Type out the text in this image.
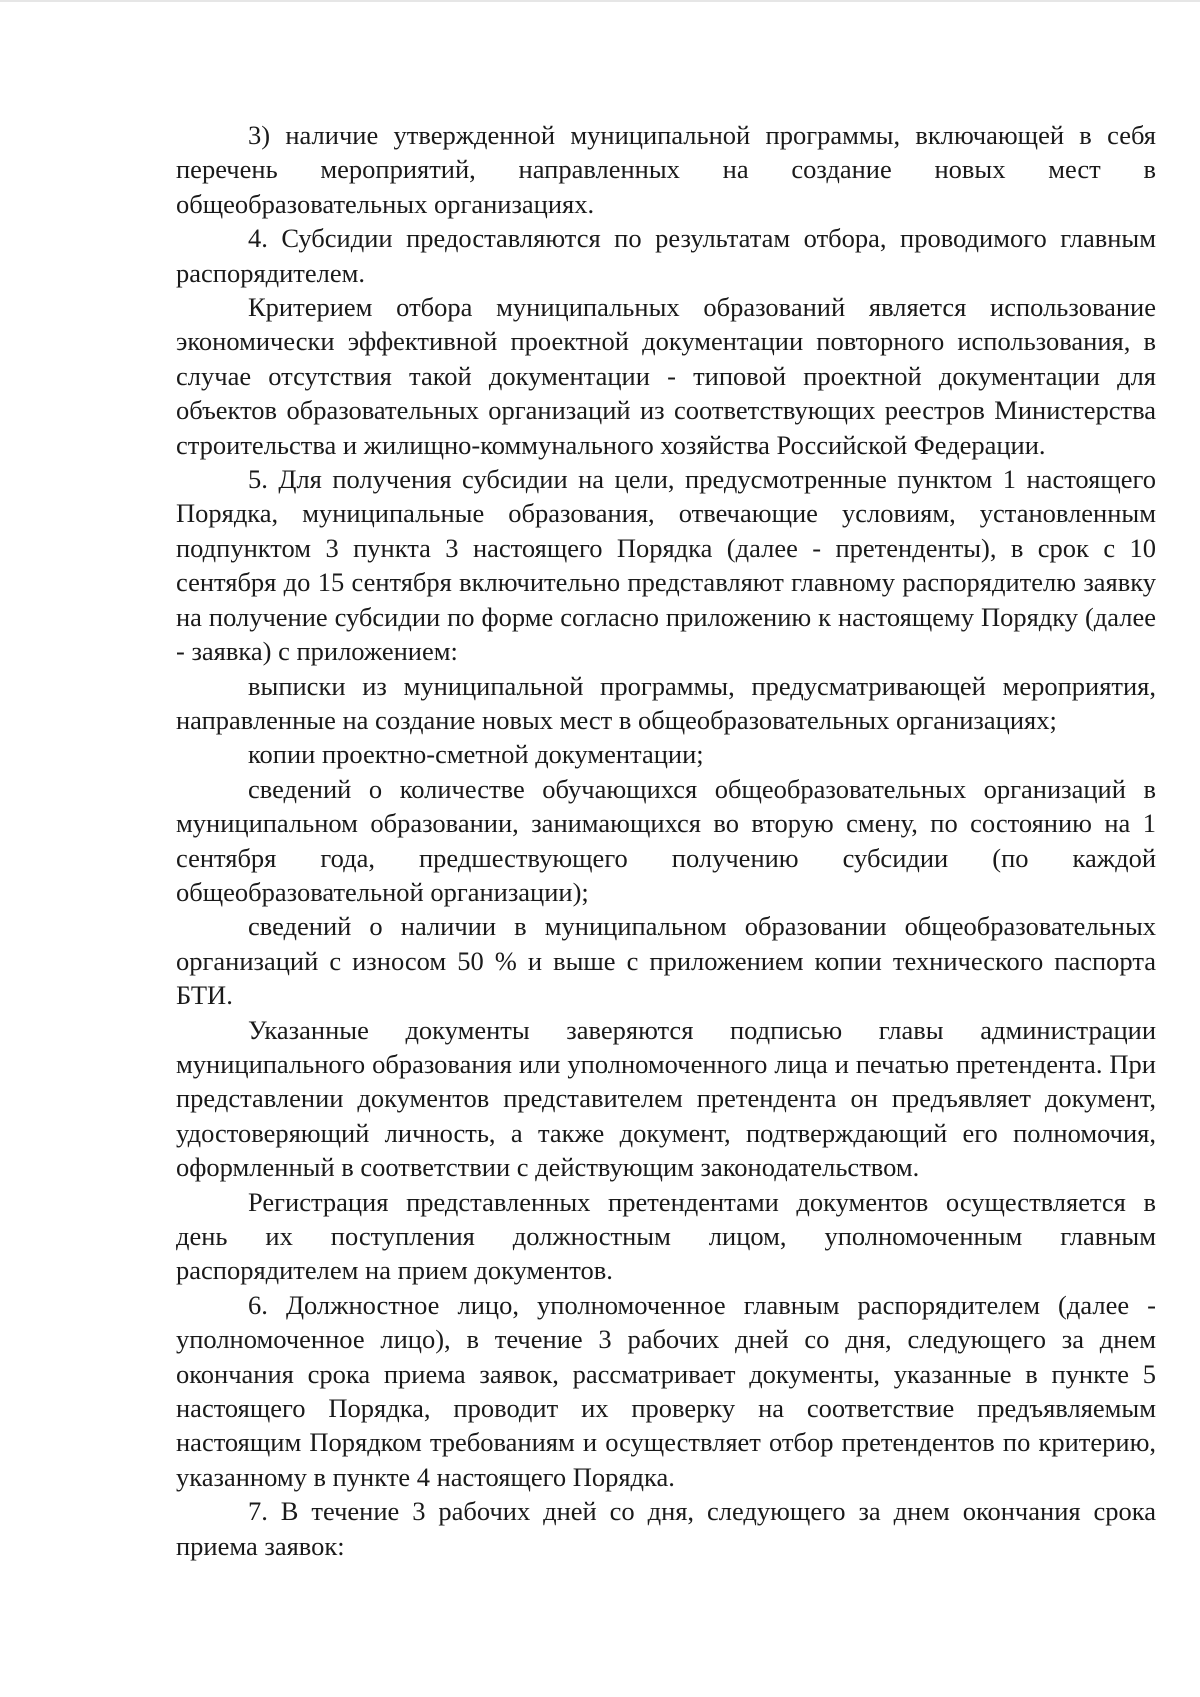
3) наличие утвержденной муниципальной программы, включающей в себя перечень мероприятий, направленных на создание новых мест в общеобразовательных организациях.

4. Субсидии предоставляются по результатам отбора, проводимого главным распорядителем.

Критерием отбора муниципальных образований является использование экономически эффективной проектной документации повторного использования, в случае отсутствия такой документации - типовой проектной документации для объектов образовательных организаций из соответствующих реестров Министерства строительства и жилищно-коммунального хозяйства Российской Федерации.

5. Для получения субсидии на цели, предусмотренные пунктом 1 настоящего Порядка, муниципальные образования, отвечающие условиям, установленным подпунктом 3 пункта 3 настоящего Порядка (далее - претенденты), в срок с 10 сентября до 15 сентября включительно представляют главному распорядителю заявку на получение субсидии по форме согласно приложению к настоящему Порядку (далее - заявка) с приложением:

выписки из муниципальной программы, предусматривающей мероприятия, направленные на создание новых мест в общеобразовательных организациях;

копии проектно-сметной документации;

сведений о количестве обучающихся общеобразовательных организаций в муниципальном образовании, занимающихся во вторую смену, по состоянию на 1 сентября года, предшествующего получению субсидии (по каждой общеобразовательной организации);

сведений о наличии в муниципальном образовании общеобразовательных организаций с износом 50 % и выше с приложением копии технического паспорта БТИ.

Указанные документы заверяются подписью главы администрации муниципального образования или уполномоченного лица и печатью претендента. При представлении документов представителем претендента он предъявляет документ, удостоверяющий личность, а также документ, подтверждающий его полномочия, оформленный в соответствии с действующим законодательством.

Регистрация представленных претендентами документов осуществляется в день их поступления должностным лицом, уполномоченным главным распорядителем на прием документов.

6. Должностное лицо, уполномоченное главным распорядителем (далее - уполномоченное лицо), в течение 3 рабочих дней со дня, следующего за днем окончания срока приема заявок, рассматривает документы, указанные в пункте 5 настоящего Порядка, проводит их проверку на соответствие предъявляемым настоящим Порядком требованиям и осуществляет отбор претендентов по критерию, указанному в пункте 4 настоящего Порядка.

7. В течение 3 рабочих дней со дня, следующего за днем окончания срока приема заявок:
